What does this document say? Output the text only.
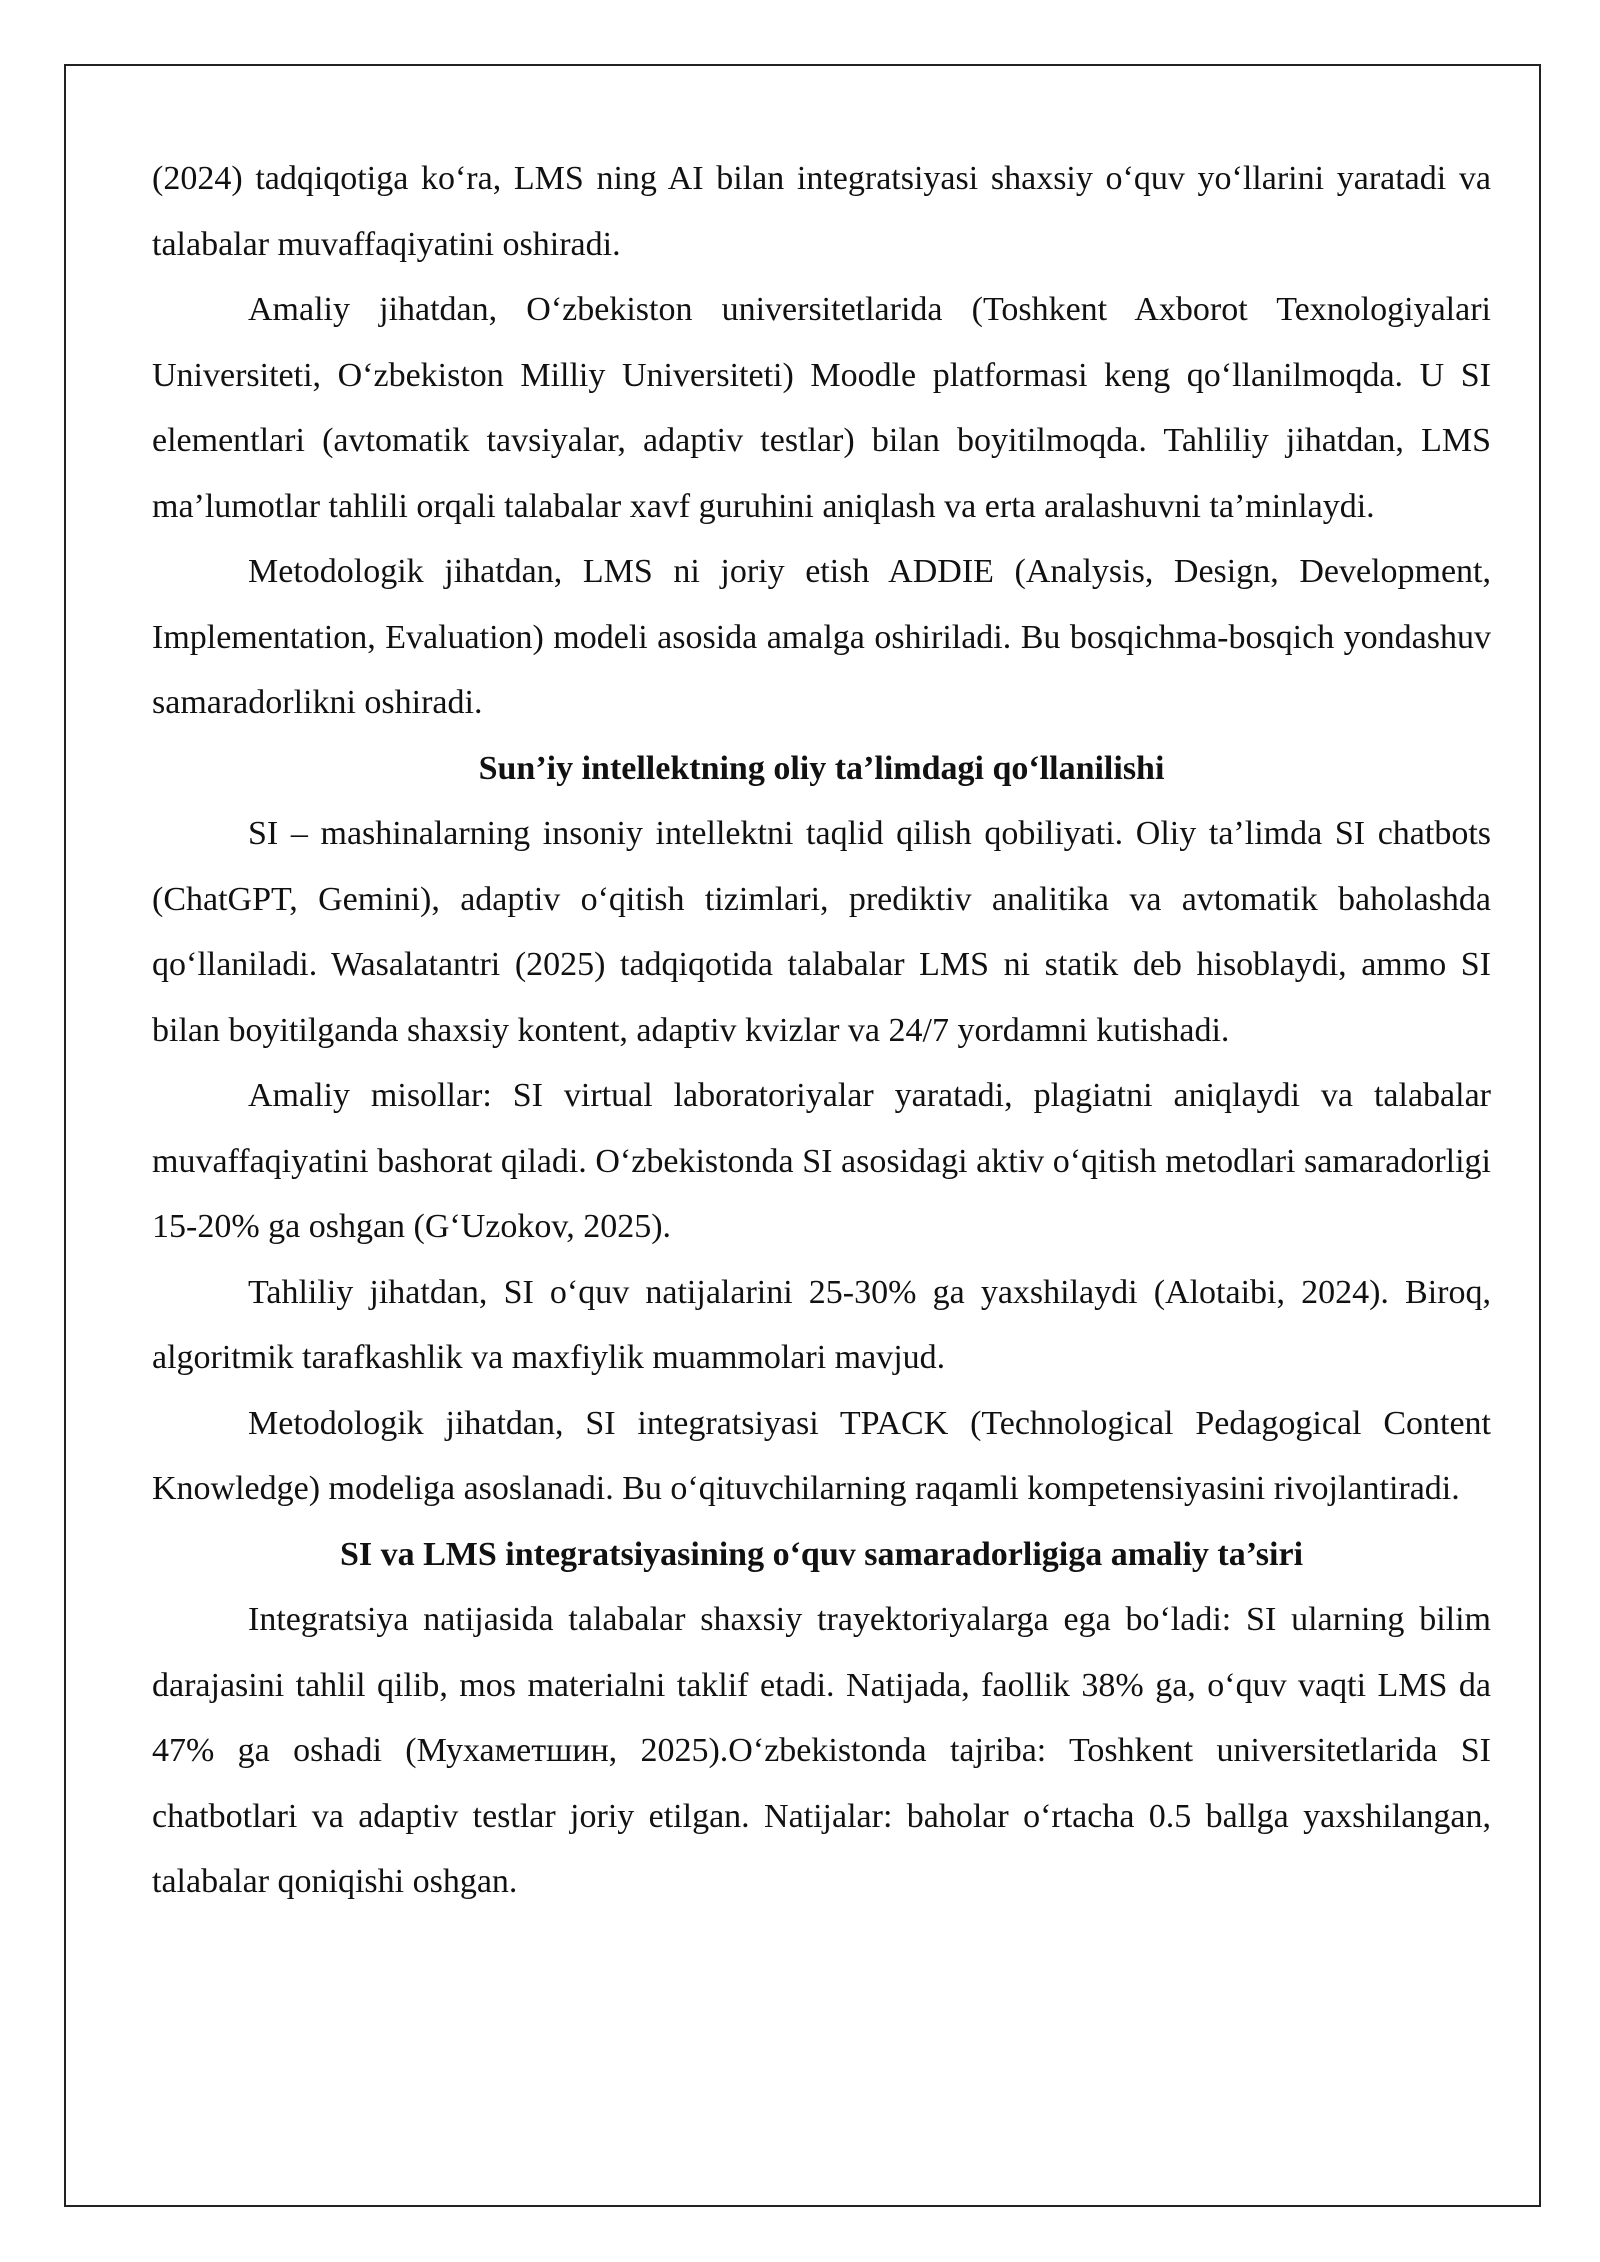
(2024) tadqiqotiga ko‘ra, LMS ning AI bilan integratsiyasi shaxsiy o‘quv yo‘llarini yaratadi va talabalar muvaffaqiyatini oshiradi.

Amaliy jihatdan, O‘zbekiston universitetlarida (Toshkent Axborot Texnologiyalari Universiteti, O‘zbekiston Milliy Universiteti) Moodle platformasi keng qo‘llanilmoqda. U SI elementlari (avtomatik tavsiyalar, adaptiv testlar) bilan boyitilmoqda. Tahliliy jihatdan, LMS ma’lumotlar tahlili orqali talabalar xavf guruhini aniqlash va erta aralashuvni ta’minlaydi.

Metodologik jihatdan, LMS ni joriy etish ADDIE (Analysis, Design, Development, Implementation, Evaluation) modeli asosida amalga oshiriladi. Bu bosqichma-bosqich yondashuv samaradorlikni oshiradi.

Sun’iy intellektning oliy ta’limdagi qo‘llanilishi

SI – mashinalarning insoniy intellektni taqlid qilish qobiliyati. Oliy ta’limda SI chatbots (ChatGPT, Gemini), adaptiv o‘qitish tizimlari, prediktiv analitika va avtomatik baholashda qo‘llaniladi. Wasalatantri (2025) tadqiqotida talabalar LMS ni statik deb hisoblaydi, ammo SI bilan boyitilganda shaxsiy kontent, adaptiv kvizlar va 24/7 yordamni kutishadi.

Amaliy misollar: SI virtual laboratoriyalar yaratadi, plagiatni aniqlaydi va talabalar muvaffaqiyatini bashorat qiladi. O‘zbekistonda SI asosidagi aktiv o‘qitish metodlari samaradorligi 15-20% ga oshgan (G‘Uzokov, 2025).

Tahliliy jihatdan, SI o‘quv natijalarini 25-30% ga yaxshilaydi (Alotaibi, 2024). Biroq, algoritmik tarafkashlik va maxfiylik muammolari mavjud.

Metodologik jihatdan, SI integratsiyasi TPACK (Technological Pedagogical Content Knowledge) modeliga asoslanadi. Bu o‘qituvchilarning raqamli kompetensiyasini rivojlantiradi.

SI va LMS integratsiyasining o‘quv samaradorligiga amaliy ta’siri

Integratsiya natijasida talabalar shaxsiy trayektoriyalarga ega bo‘ladi: SI ularning bilim darajasini tahlil qilib, mos materialni taklif etadi. Natijada, faollik 38% ga, o‘quv vaqti LMS da 47% ga oshadi (Мухаметшин, 2025).O‘zbekistonda tajriba: Toshkent universitetlarida SI chatbotlari va adaptiv testlar joriy etilgan. Natijalar: baholar o‘rtacha 0.5 ballga yaxshilangan, talabalar qoniqishi oshgan.
